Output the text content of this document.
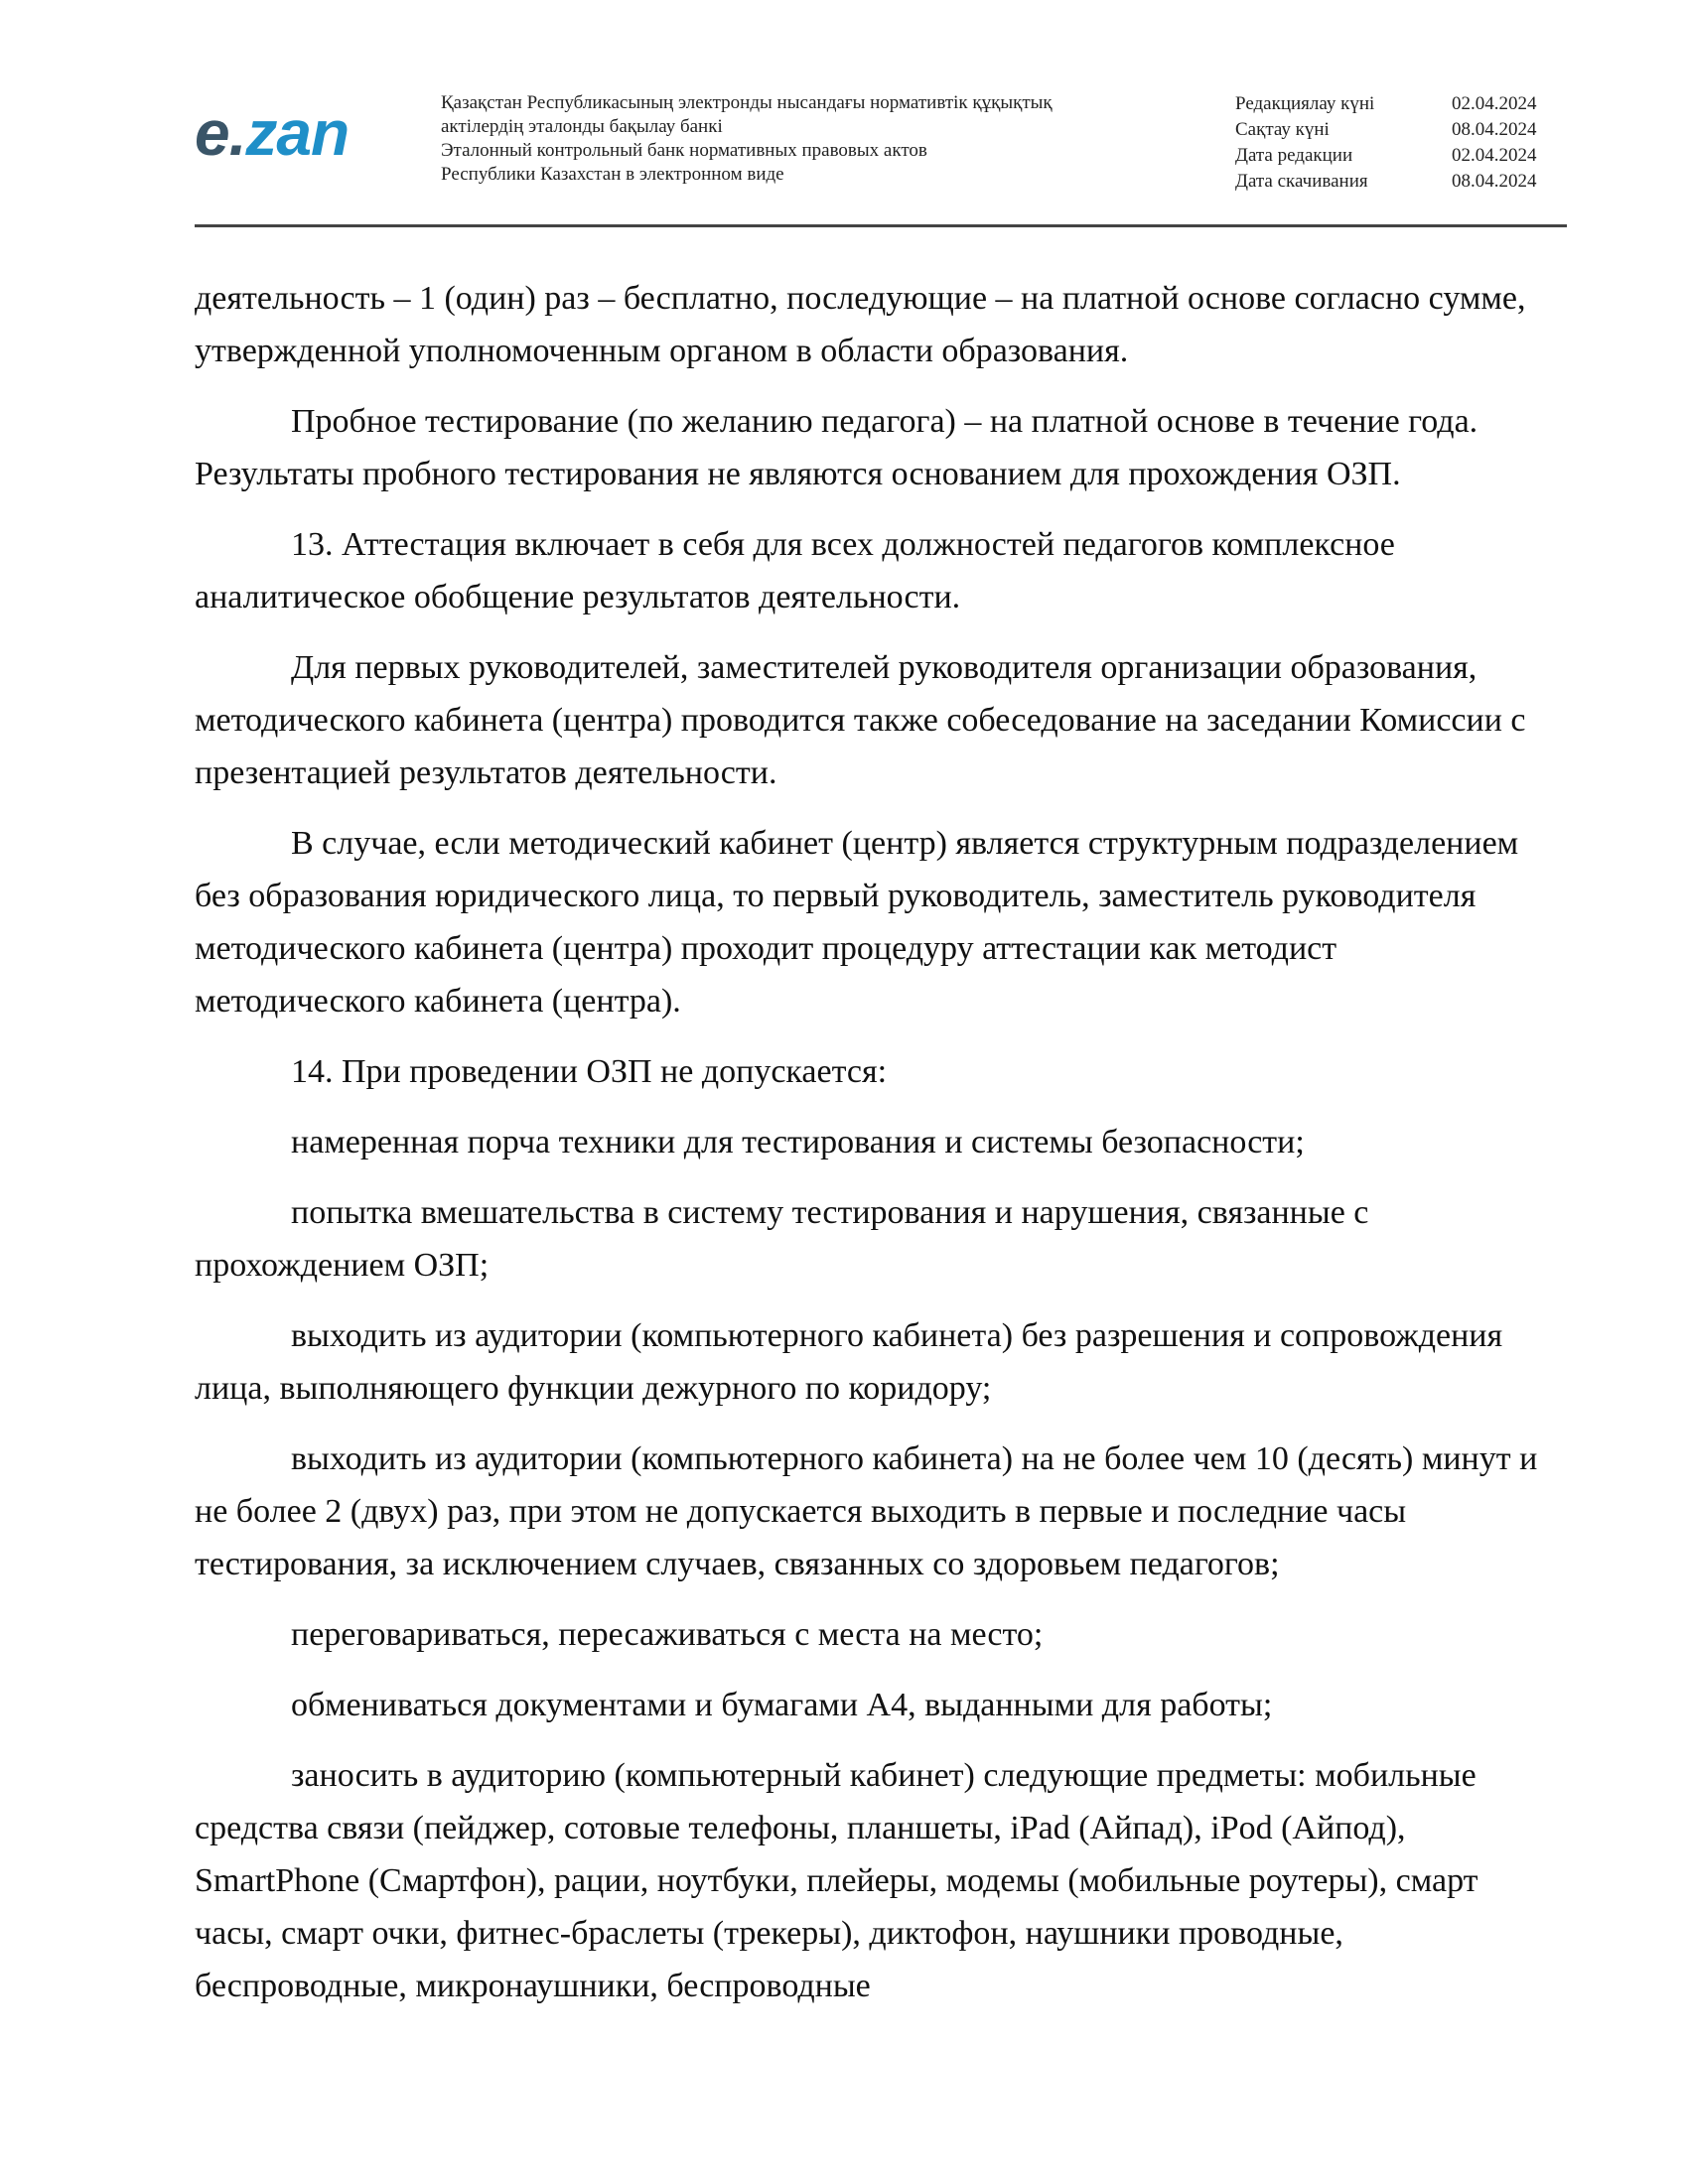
e.zan	Қазақстан Республикасының электронды нысандағы нормативтік құқықтық
актілердің эталонды бақылау банкі
Эталонный контрольный банк нормативных правовых актов
Республики Казахстан в электронном виде
Редакциялау күні	02.04.2024
Сақтау күні	08.04.2024
Дата редакции	02.04.2024
Дата скачивания	08.04.2024

деятельность – 1 (один) раз – бесплатно, последующие – на платной основе согласно сумме, утвержденной уполномоченным органом в области образования.

Пробное тестирование (по желанию педагога) – на платной основе в течение года. Результаты пробного тестирования не являются основанием для прохождения ОЗП.

13. Аттестация включает в себя для всех должностей педагогов комплексное аналитическое обобщение результатов деятельности.

Для первых руководителей, заместителей руководителя организации образования, методического кабинета (центра) проводится также собеседование на заседании Комиссии с презентацией результатов деятельности.

В случае, если методический кабинет (центр) является структурным подразделением без образования юридического лица, то первый руководитель, заместитель руководителя методического кабинета (центра) проходит процедуру аттестации как методист методического кабинета (центра).

14. При проведении ОЗП не допускается:

намеренная порча техники для тестирования и системы безопасности;

попытка вмешательства в систему тестирования и нарушения, связанные с прохождением ОЗП;

выходить из аудитории (компьютерного кабинета) без разрешения и сопровождения лица, выполняющего функции дежурного по коридору;

выходить из аудитории (компьютерного кабинета) на не более чем 10 (десять) минут и не более 2 (двух) раз, при этом не допускается выходить в первые и последние часы тестирования, за исключением случаев, связанных со здоровьем педагогов;

переговариваться, пересаживаться с места на место;

обмениваться документами и бумагами А4, выданными для работы;

заносить в аудиторию (компьютерный кабинет) следующие предметы: мобильные средства связи (пейджер, сотовые телефоны, планшеты, iPad (Айпад), iPod (Айпод), SmartPhone (Смартфон), рации, ноутбуки, плейеры, модемы (мобильные роутеры), смарт часы, смарт очки, фитнес-браслеты (трекеры), диктофон, наушники проводные, беспроводные, микронаушники, беспроводные
